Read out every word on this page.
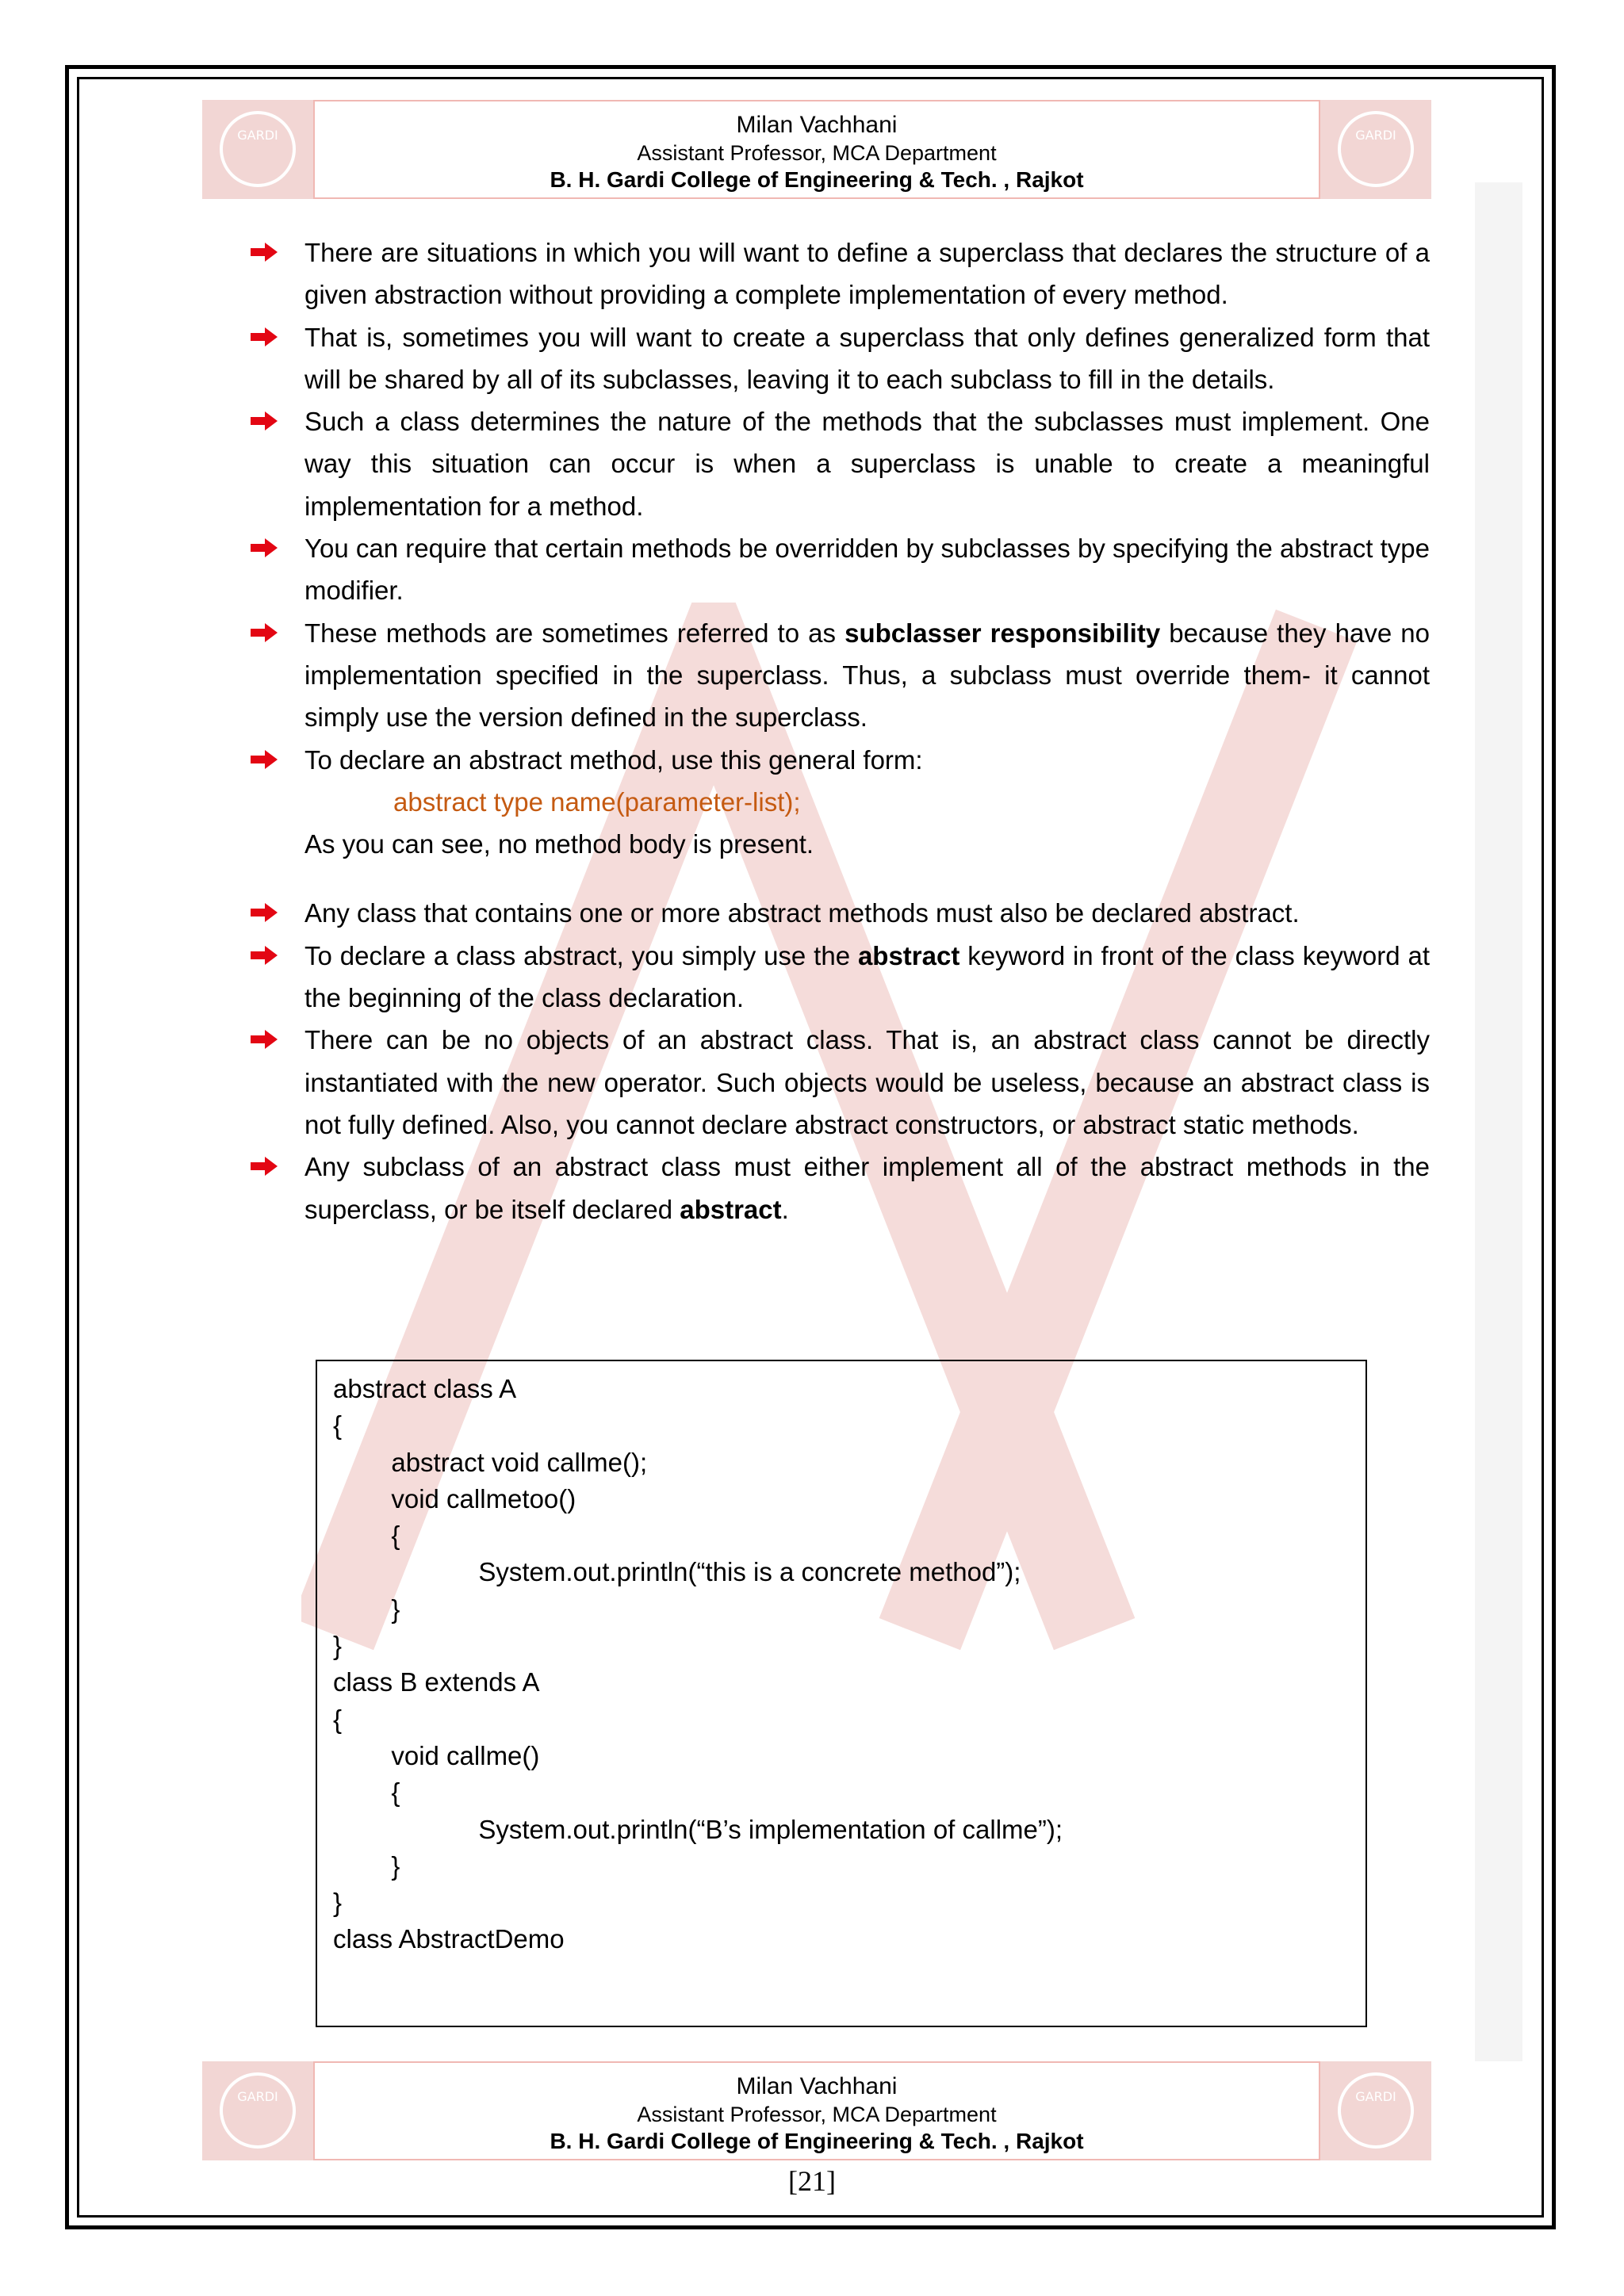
GARDI	Milan Vachhani
Assistant Professor, MCA Department
B. H. Gardi College of Engineering & Tech. , Rajkot
GARDI
There are situations in which you will want to define a superclass that declares the structure of a given abstraction without providing a complete implementation of every method.
That is, sometimes you will want to create a superclass that only defines generalized form that will be shared by all of its subclasses, leaving it to each subclass to fill in the details.
Such a class determines the nature of the methods that the subclasses must implement. One way this situation can occur is when a superclass is unable to create a meaningful implementation for a method.
You can require that certain methods be overridden by subclasses by specifying the abstract type modifier.
These methods are sometimes referred to as subclasser responsibility because they have no implementation specified in the superclass. Thus, a subclass must override them- it cannot simply use the version defined in the superclass.
To declare an abstract method, use this general form:
abstract type name(parameter-list);
As you can see, no method body is present.
Any class that contains one or more abstract methods must also be declared abstract.
To declare a class abstract, you simply use the abstract keyword in front of the class keyword at the beginning of the class declaration.
There can be no objects of an abstract class. That is, an abstract class cannot be directly instantiated with the new operator. Such objects would be useless, because an abstract class is not fully defined. Also, you cannot declare abstract constructors, or abstract static methods.
Any subclass of an abstract class must either implement all of the abstract methods in the superclass, or be itself declared abstract.
abstract class A
{
abstract void callme();
void callmetoo()
{
System.out.println(“this is a concrete method”);
}
}
class B extends A
{
void callme()
{
System.out.println(“B’s implementation of callme”);
}
}
class AbstractDemo
GARDI	Milan Vachhani
Assistant Professor, MCA Department
B. H. Gardi College of Engineering & Tech. , Rajkot
GARDI
[21]
